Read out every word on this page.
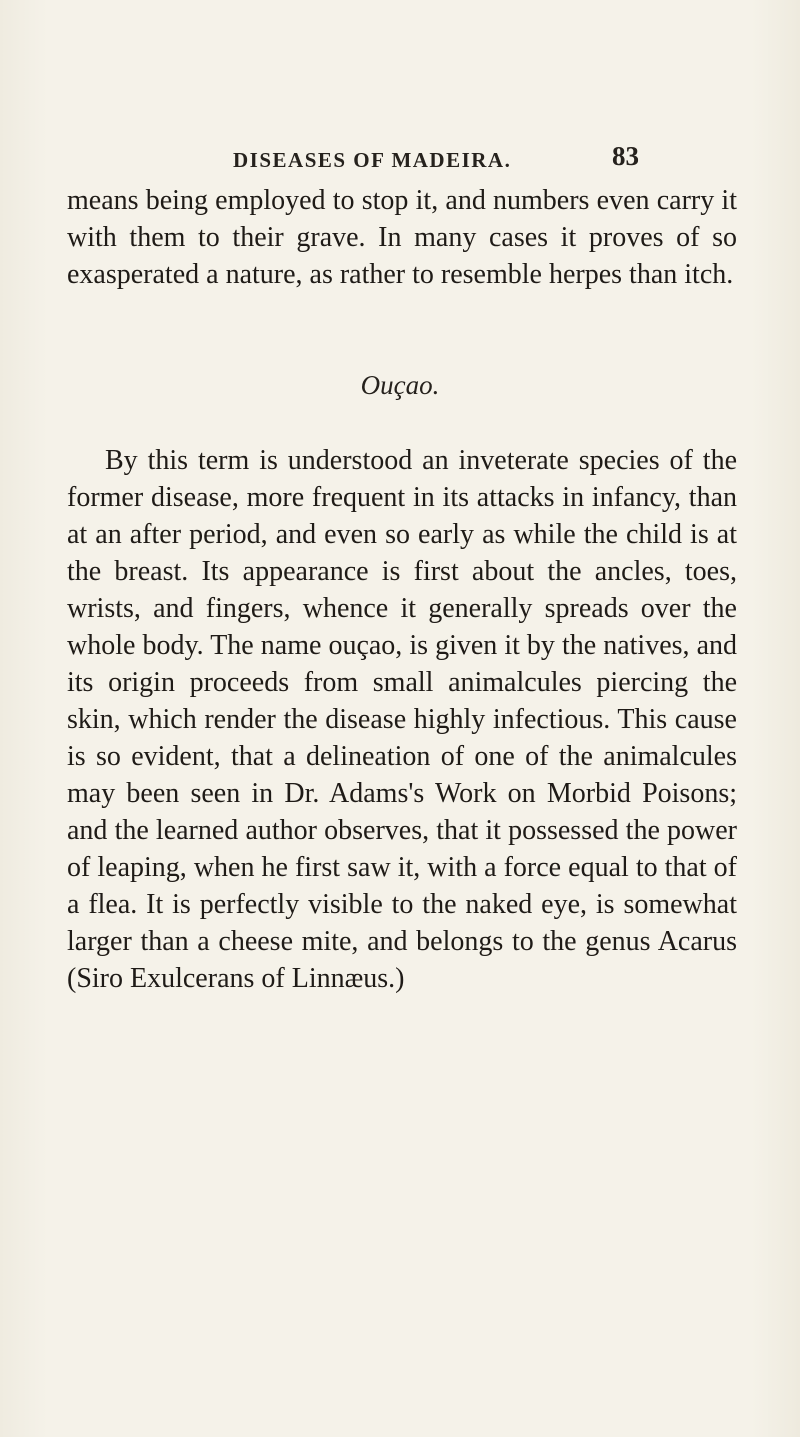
DISEASES OF MADEIRA.	83

means being employed to stop it, and numbers even carry it with them to their grave. In many cases it proves of so exasperated a nature, as rather to resemble herpes than itch.

Ouçao.

By this term is understood an inveterate species of the former disease, more frequent in its attacks in infancy, than at an after period, and even so early as while the child is at the breast. Its appearance is first about the ancles, toes, wrists, and fingers, whence it generally spreads over the whole body. The name ouçao, is given it by the natives, and its origin proceeds from small animalcules piercing the skin, which render the disease highly infectious. This cause is so evident, that a delineation of one of the animalcules may been seen in Dr. Adams's Work on Morbid Poisons; and the learned author observes, that it possessed the power of leaping, when he first saw it, with a force equal to that of a flea. It is perfectly visible to the naked eye, is somewhat larger than a cheese mite, and belongs to the genus Acarus (Siro Exulcerans of Linnæus.)
